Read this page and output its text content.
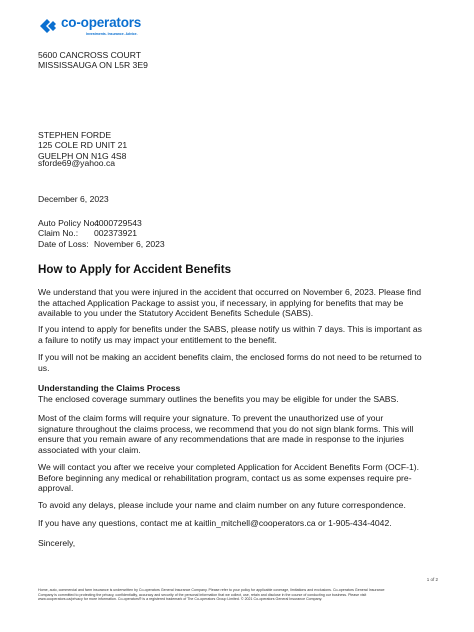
co-operators
Investments. Insurance. Advice.
5600 CANCROSS COURT
MISSISSAUGA ON L5R 3E9
STEPHEN FORDE
125 COLE RD UNIT 21
GUELPH ON N1G 4S8
sforde69@yahoo.ca
December 6, 2023
Auto Policy No.:
4000729543
Claim No.:	002373921
Date of Loss: November 6, 2023
How to Apply for Accident Benefits
We understand that you were injured in the accident that occurred on November 6, 2023. Please find
the attached Application Package to assist you, if necessary, in applying for benefits that may be
available to you under the Statutory Accident Benefits Schedule (SABS).
If you intend to apply for benefits under the SABS, please notify us within 7 days. This is important as
a failure to notify us may impact your entitlement to the benefit.
If you will not be making an accident benefits claim, the enclosed forms do not need to be returned to
us.
Understanding the Claims Process
The enclosed coverage summary outlines the benefits you may be eligible for under the SABS.
Most of the claim forms will require your signature. To prevent the unauthorized use of your
signature throughout the claims process, we recommend that you do not sign blank forms. This will
ensure that you remain aware of any recommendations that are made in response to the injuries
associated with your claim.
We will contact you after we receive your completed Application for Accident Benefits Form (OCF-1).
Before beginning any medical or rehabilitation program, contact us as some expenses require pre-
approval.
To avoid any delays, please include your name and claim number on any future correspondence.
If you have any questions, contact me at kaitlin_mitchell@cooperators.ca or 1-905-434-4042.
Sincerely,
1 of 2
Home, auto, commercial and farm insurance is underwritten by Co-operators General Insurance Company. Please refer to your policy for applicable coverage, limitations and exclusions. Co-operators General Insurance
Company is committed to protecting the privacy, confidentiality, accuracy and security of the personal information that we collect, use, retain and disclose in the course of conducting our business. Please visit
www.cooperators.ca/privacy for more information. Co-operators® is a registered trademark of The Co-operators Group Limited. © 2021 Co-operators General Insurance Company.
